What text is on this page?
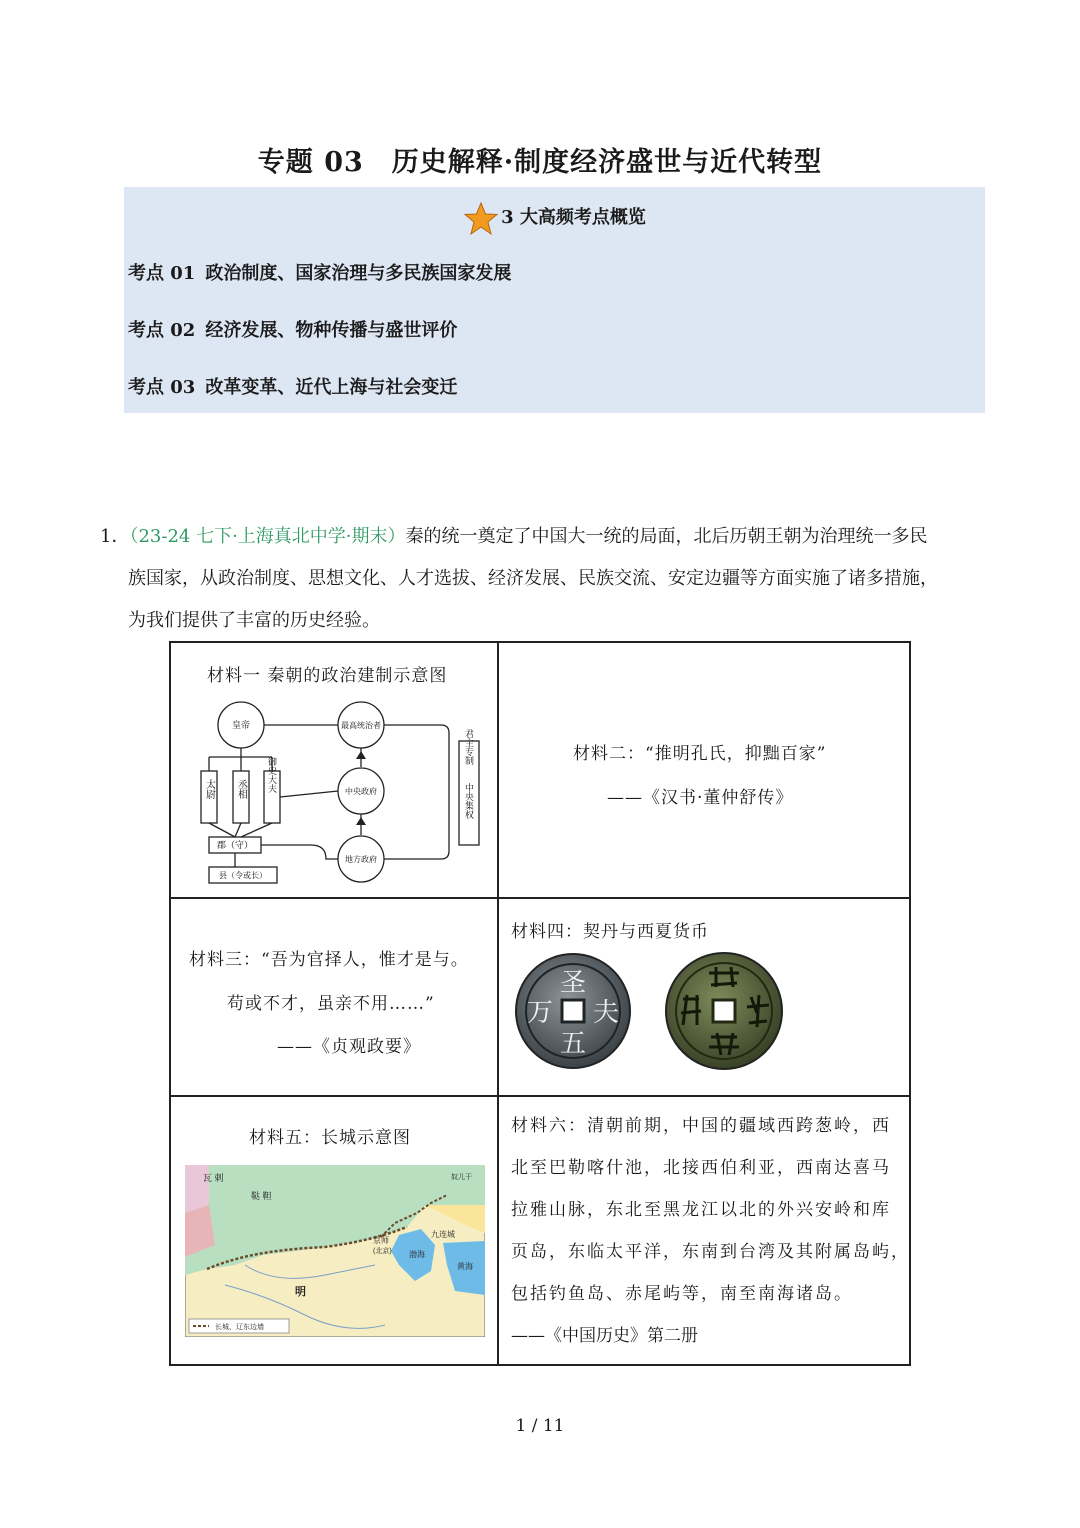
专题 03 历史解释·制度经济盛世与近代转型
3 大高频考点概览
考点 01 政治制度、国家治理与多民族国家发展
考点 02 经济发展、物种传播与盛世评价
考点 03 改革变革、近代上海与社会变迁
1．（23-24 七下·上海真北中学·期末）秦的统一奠定了中国大一统的局面，北后历朝王朝为治理统一多民
族国家，从政治制度、思想文化、人才选拔、经济发展、民族交流、安定边疆等方面实施了诸多措施，
为我们提供了丰富的历史经验。
材料一 秦朝的政治建制示意图
皇帝	最高统治者
中央政府
地方政府
郡（守）
县（令或长）
太尉 丞相 御史大夫
君主专制
中央集权
材料二：“推明孔氏，抑黜百家”
——《汉书·董仲舒传》
材料三：“吾为官择人，惟才是与。
苟或不才，虽亲不用……”
——《贞观政要》
材料四：契丹与西夏货币
圣
夫
五
万
材料五：长城示意图
瓦 剌
鞑 靼
明
京师
(北京)
九连城
渤海
黄海
奴儿干
长城，辽东边墙
材料六：清朝前期，中国的疆域西跨葱岭，西
北至巴勒喀什池，北接西伯利亚，西南达喜马
拉雅山脉，东北至黑龙江以北的外兴安岭和库
页岛，东临太平洋，东南到台湾及其附属岛屿，
包括钓鱼岛、赤尾屿等，南至南海诸岛。
——《中国历史》第二册
1 / 11
